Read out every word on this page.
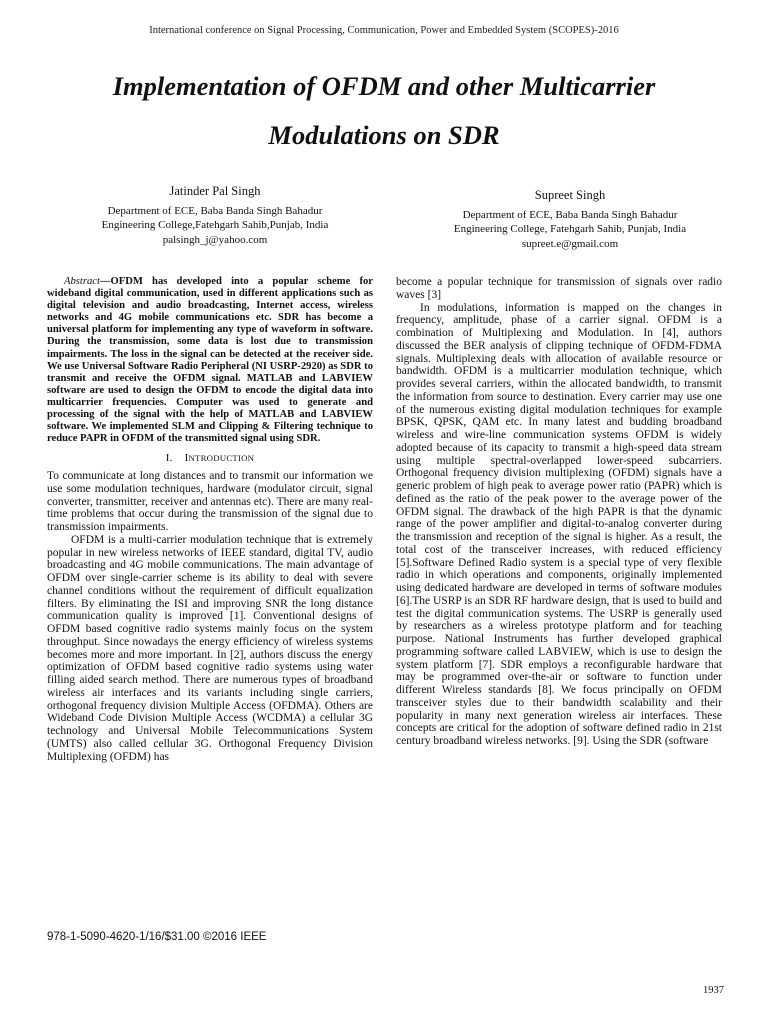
International conference on Signal Processing, Communication, Power and Embedded System (SCOPES)-2016
Implementation of OFDM and other Multicarrier
Modulations on SDR
Jatinder Pal Singh
Department of ECE, Baba Banda Singh Bahadur
Engineering College,Fatehgarh Sahib,Punjab, India
palsingh_j@yahoo.com
Supreet Singh
Department of ECE, Baba Banda Singh Bahadur
Engineering College, Fatehgarh Sahib, Punjab, India
supreet.e@gmail.com

Abstract—OFDM has developed into a popular scheme for wideband digital communication, used in different applications such as digital television and audio broadcasting, Internet access, wireless networks and 4G mobile communications etc. SDR has become a universal platform for implementing any type of waveform in software. During the transmission, some data is lost due to transmission impairments. The loss in the signal can be detected at the receiver side. We use Universal Software Radio Peripheral (NI USRP-2920) as SDR to transmit and receive the OFDM signal. MATLAB and LABVIEW software are used to design the OFDM to encode the digital data into multicarrier frequencies. Computer was used to generate and processing of the signal with the help of MATLAB and LABVIEW software. We implemented SLM and Clipping & Filtering technique to reduce PAPR in OFDM of the transmitted signal using SDR.

I. INTRODUCTION

To communicate at long distances and to transmit our information we use some modulation techniques, hardware (modulator circuit, signal converter, transmitter, receiver and antennas etc). There are many real-time problems that occur during the transmission of the signal due to transmission impairments.

OFDM is a multi-carrier modulation technique that is extremely popular in new wireless networks of IEEE standard, digital TV, audio broadcasting and 4G mobile communications. The main advantage of OFDM over single-carrier scheme is its ability to deal with severe channel conditions without the requirement of difficult equalization filters. By eliminating the ISI and improving SNR the long distance communication quality is improved [1]. Conventional designs of OFDM based cognitive radio systems mainly focus on the system throughput. Since nowadays the energy efficiency of wireless systems becomes more and more important. In [2], authors discuss the energy optimization of OFDM based cognitive radio systems using water filling aided search method. There are numerous types of broadband wireless air interfaces and its variants including single carriers, orthogonal frequency division Multiple Access (OFDMA). Others are Wideband Code Division Multiple Access (WCDMA) a cellular 3G technology and Universal Mobile Telecommunications System (UMTS) also called cellular 3G. Orthogonal Frequency Division Multiplexing (OFDM) has

become a popular technique for transmission of signals over radio waves [3]

In modulations, information is mapped on the changes in frequency, amplitude, phase of a carrier signal. OFDM is a combination of Multiplexing and Modulation. In [4], authors discussed the BER analysis of clipping technique of OFDM-FDMA signals. Multiplexing deals with allocation of available resource or bandwidth. OFDM is a multicarrier modulation technique, which provides several carriers, within the allocated bandwidth, to transmit the information from source to destination. Every carrier may use one of the numerous existing digital modulation techniques for example BPSK, QPSK, QAM etc. In many latest and budding broadband wireless and wire-line communication systems OFDM is widely adopted because of its capacity to transmit a high-speed data stream using multiple spectral-overlapped lower-speed subcarriers. Orthogonal frequency division multiplexing (OFDM) signals have a generic problem of high peak to average power ratio (PAPR) which is defined as the ratio of the peak power to the average power of the OFDM signal. The drawback of the high PAPR is that the dynamic range of the power amplifier and digital-to-analog converter during the transmission and reception of the signal is higher. As a result, the total cost of the transceiver increases, with reduced efficiency [5].Software Defined Radio system is a special type of very flexible radio in which operations and components, originally implemented using dedicated hardware are developed in terms of software modules [6].The USRP is an SDR RF hardware design, that is used to build and test the digital communication systems. The USRP is generally used by researchers as a wireless prototype platform and for teaching purpose. National Instruments has further developed graphical programming software called LABVIEW, which is use to design the system platform [7]. SDR employs a reconfigurable hardware that may be programmed over-the-air or software to function under different Wireless standards [8]. We focus principally on OFDM transceiver styles due to their bandwidth scalability and their popularity in many next generation wireless air interfaces. These concepts are critical for the adoption of software defined radio in 21st century broadband wireless networks. [9]. Using the SDR (software

978-1-5090-4620-1/16/$31.00 ©2016 IEEE
1937
